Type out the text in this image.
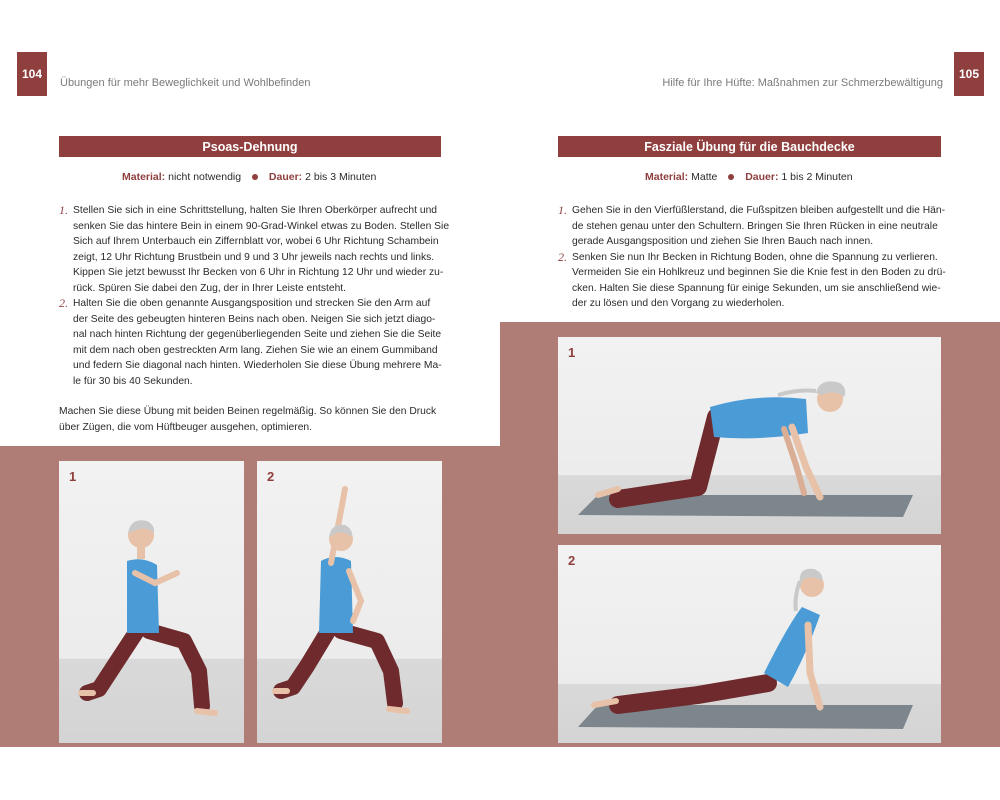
104
Übungen für mehr Beweglichkeit und Wohlbefinden	Hilfe für Ihre Hüfte: Maßnahmen zur Schmerzbewältigung
105
Psoas-Dehnung	Fasziale Übung für die Bauchdecke
Material: nicht notwendig	Dauer: 2 bis 3 Minuten	Material: Matte	Dauer: 1 bis 2 Minuten
1. Stellen Sie sich in eine Schrittstellung, halten Sie Ihren Oberkörper aufrecht und
senken Sie das hintere Bein in einem 90-Grad-Winkel etwas zu Boden. Stellen Sie
Sich auf Ihrem Unterbauch ein Ziffernblatt vor, wobei 6 Uhr Richtung Schambein
zeigt, 12 Uhr Richtung Brustbein und 9 und 3 Uhr jeweils nach rechts und links.
Kippen Sie jetzt bewusst Ihr Becken von 6 Uhr in Richtung 12 Uhr und wieder zu-
rück. Spüren Sie dabei den Zug, der in Ihrer Leiste entsteht.
2. Halten Sie die oben genannte Ausgangsposition und strecken Sie den Arm auf
der Seite des gebeugten hinteren Beins nach oben. Neigen Sie sich jetzt diago-
nal nach hinten Richtung der gegenüberliegenden Seite und ziehen Sie die Seite
mit dem nach oben gestreckten Arm lang. Ziehen Sie wie an einem Gummiband
und federn Sie diagonal nach hinten. Wiederholen Sie diese Übung mehrere Ma-
le für 30 bis 40 Sekunden.
Machen Sie diese Übung mit beiden Beinen regelmäßig. So können Sie den Druck
über Zügen, die vom Hüftbeuger ausgehen, optimieren.
1. Gehen Sie in den Vierfüßlerstand, die Fußspitzen bleiben aufgestellt und die Hän-
de stehen genau unter den Schultern. Bringen Sie Ihren Rücken in eine neutrale
gerade Ausgangsposition und ziehen Sie Ihren Bauch nach innen.
2. Senken Sie nun Ihr Becken in Richtung Boden, ohne die Spannung zu verlieren.
Vermeiden Sie ein Hohlkreuz und beginnen Sie die Knie fest in den Boden zu drü-
cken. Halten Sie diese Spannung für einige Sekunden, um sie anschließend wie-
der zu lösen und den Vorgang zu wiederholen.
1	2
1
2
